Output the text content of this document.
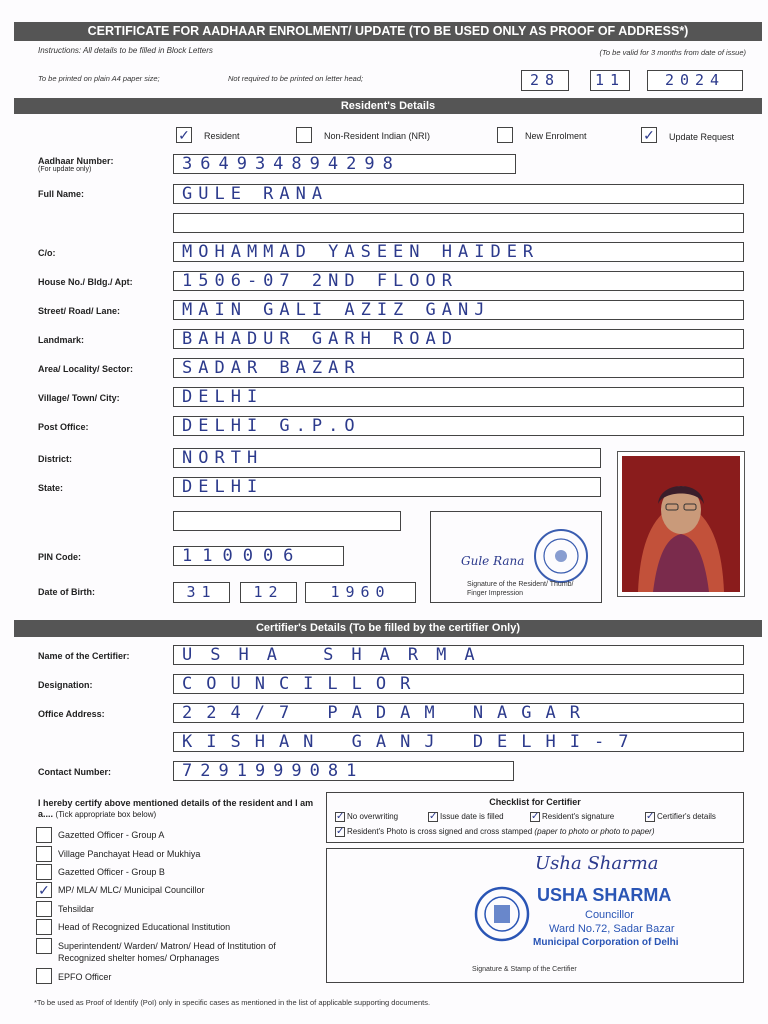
CERTIFICATE FOR AADHAAR ENROLMENT/ UPDATE (TO BE USED ONLY AS PROOF OF ADDRESS*)
Instructions: All details to be filled in Block Letters	(To be valid for 3 months from date of issue)
To be printed on plain A4 paper size;	Not required to be printed on letter head;	28	11	2024
Resident's Details
✓ Resident	Non-Resident Indian (NRI)	New Enrolment	✓ Update Request
Aadhaar Number:
(For update only)	364934894298
Full Name:	GULE RANA
C/o:	MOHAMMAD YASEEN HAIDER
House No./ Bldg./ Apt:	1506-07 2ND FLOOR
Street/ Road/ Lane:	MAIN GALI AZIZ GANJ
Landmark:	BAHADUR GARH ROAD
Area/ Locality/ Sector:	SADAR BAZAR
Village/ Town/ City:	DELHI
Post Office:	DELHI G.P.O
District:	NORTH
State:	DELHI
PIN Code:	110006
Date of Birth:	31	12	1960
Gule Rana
Signature of the Resident/ Thumb/ Finger Impression
Certifier's Details (To be filled by the certifier Only)
Name of the Certifier:	USHA SHARMA
Designation:	COUNCILLOR
Office Address:	224/7 PADAM NAGAR
KISHAN GANJ DELHI-7
Contact Number:	7291999081
I hereby certify above mentioned details of the resident and I am a.... (Tick appropriate box below)
Gazetted Officer - Group A
Village Panchayat Head or Mukhiya
Gazetted Officer - Group B
✓ MP/ MLA/ MLC/ Municipal Councillor
Tehsildar
Head of Recognized Educational Institution
Superintendent/ Warden/ Matron/ Head of Institution of Recognized shelter homes/ Orphanages
EPFO Officer
Checklist for Certifier
✓ No overwriting	✓ Issue date is filled	✓ Resident's signature	✓ Certifier's details
✓ Resident's Photo is cross signed and cross stamped (paper to photo or photo to paper)
Usha Sharma
USHA SHARMA
Councillor
Ward No.72, Sadar Bazar
Municipal Corporation of Delhi
Signature & Stamp of the Certifier
*To be used as Proof of Identify (PoI) only in specific cases as mentioned in the list of applicable supporting documents.
